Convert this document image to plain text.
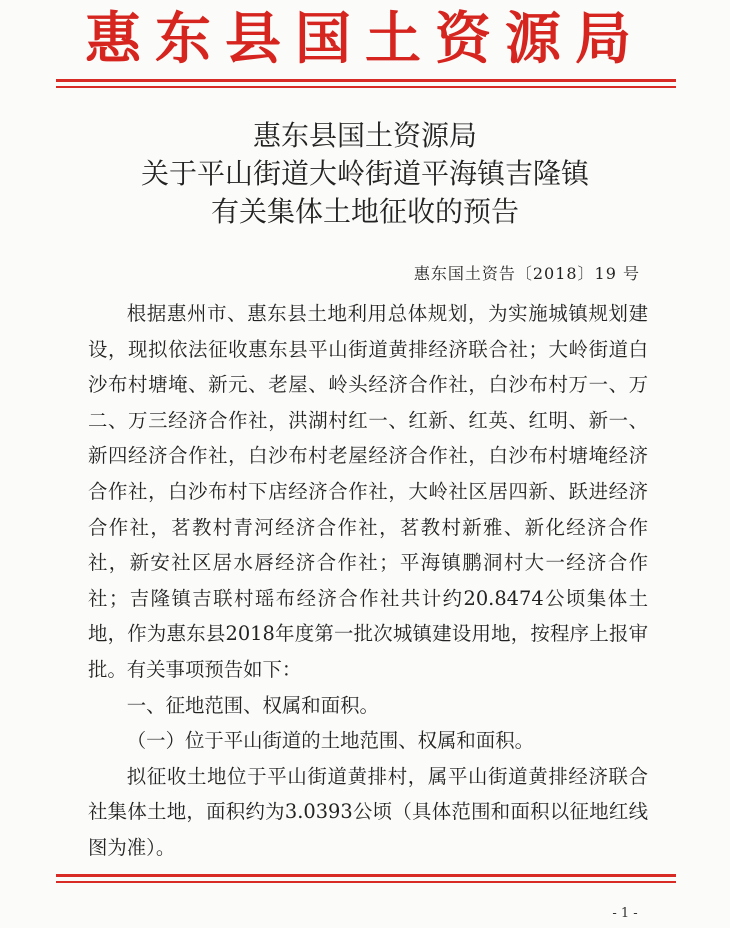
惠东县国土资源局
惠东县国土资源局
关于平山街道大岭街道平海镇吉隆镇
有关集体土地征收的预告
惠东国土资告〔2018〕19 号

根据惠州市、惠东县土地利用总体规划，为实施城镇规划建设，现拟依法征收惠东县平山街道黄排经济联合社；大岭街道白沙布村塘埯、新元、老屋、岭头经济合作社，白沙布村万一、万二、万三经济合作社，洪湖村红一、红新、红英、红明、新一、新四经济合作社，白沙布村老屋经济合作社，白沙布村塘埯经济合作社，白沙布村下店经济合作社，大岭社区居四新、跃进经济合作社，茗教村青河经济合作社，茗教村新雅、新化经济合作社，新安社区居水唇经济合作社；平海镇鹏洞村大一经济合作社；吉隆镇吉联村瑶布经济合作社共计约20.8474公顷集体土地，作为惠东县2018年度第一批次城镇建设用地，按程序上报审批。有关事项预告如下：

一、征地范围、权属和面积。

（一）位于平山街道的土地范围、权属和面积。

拟征收土地位于平山街道黄排村，属平山街道黄排经济联合社集体土地，面积约为3.0393公顷（具体范围和面积以征地红线图为准）。

- 1 -
